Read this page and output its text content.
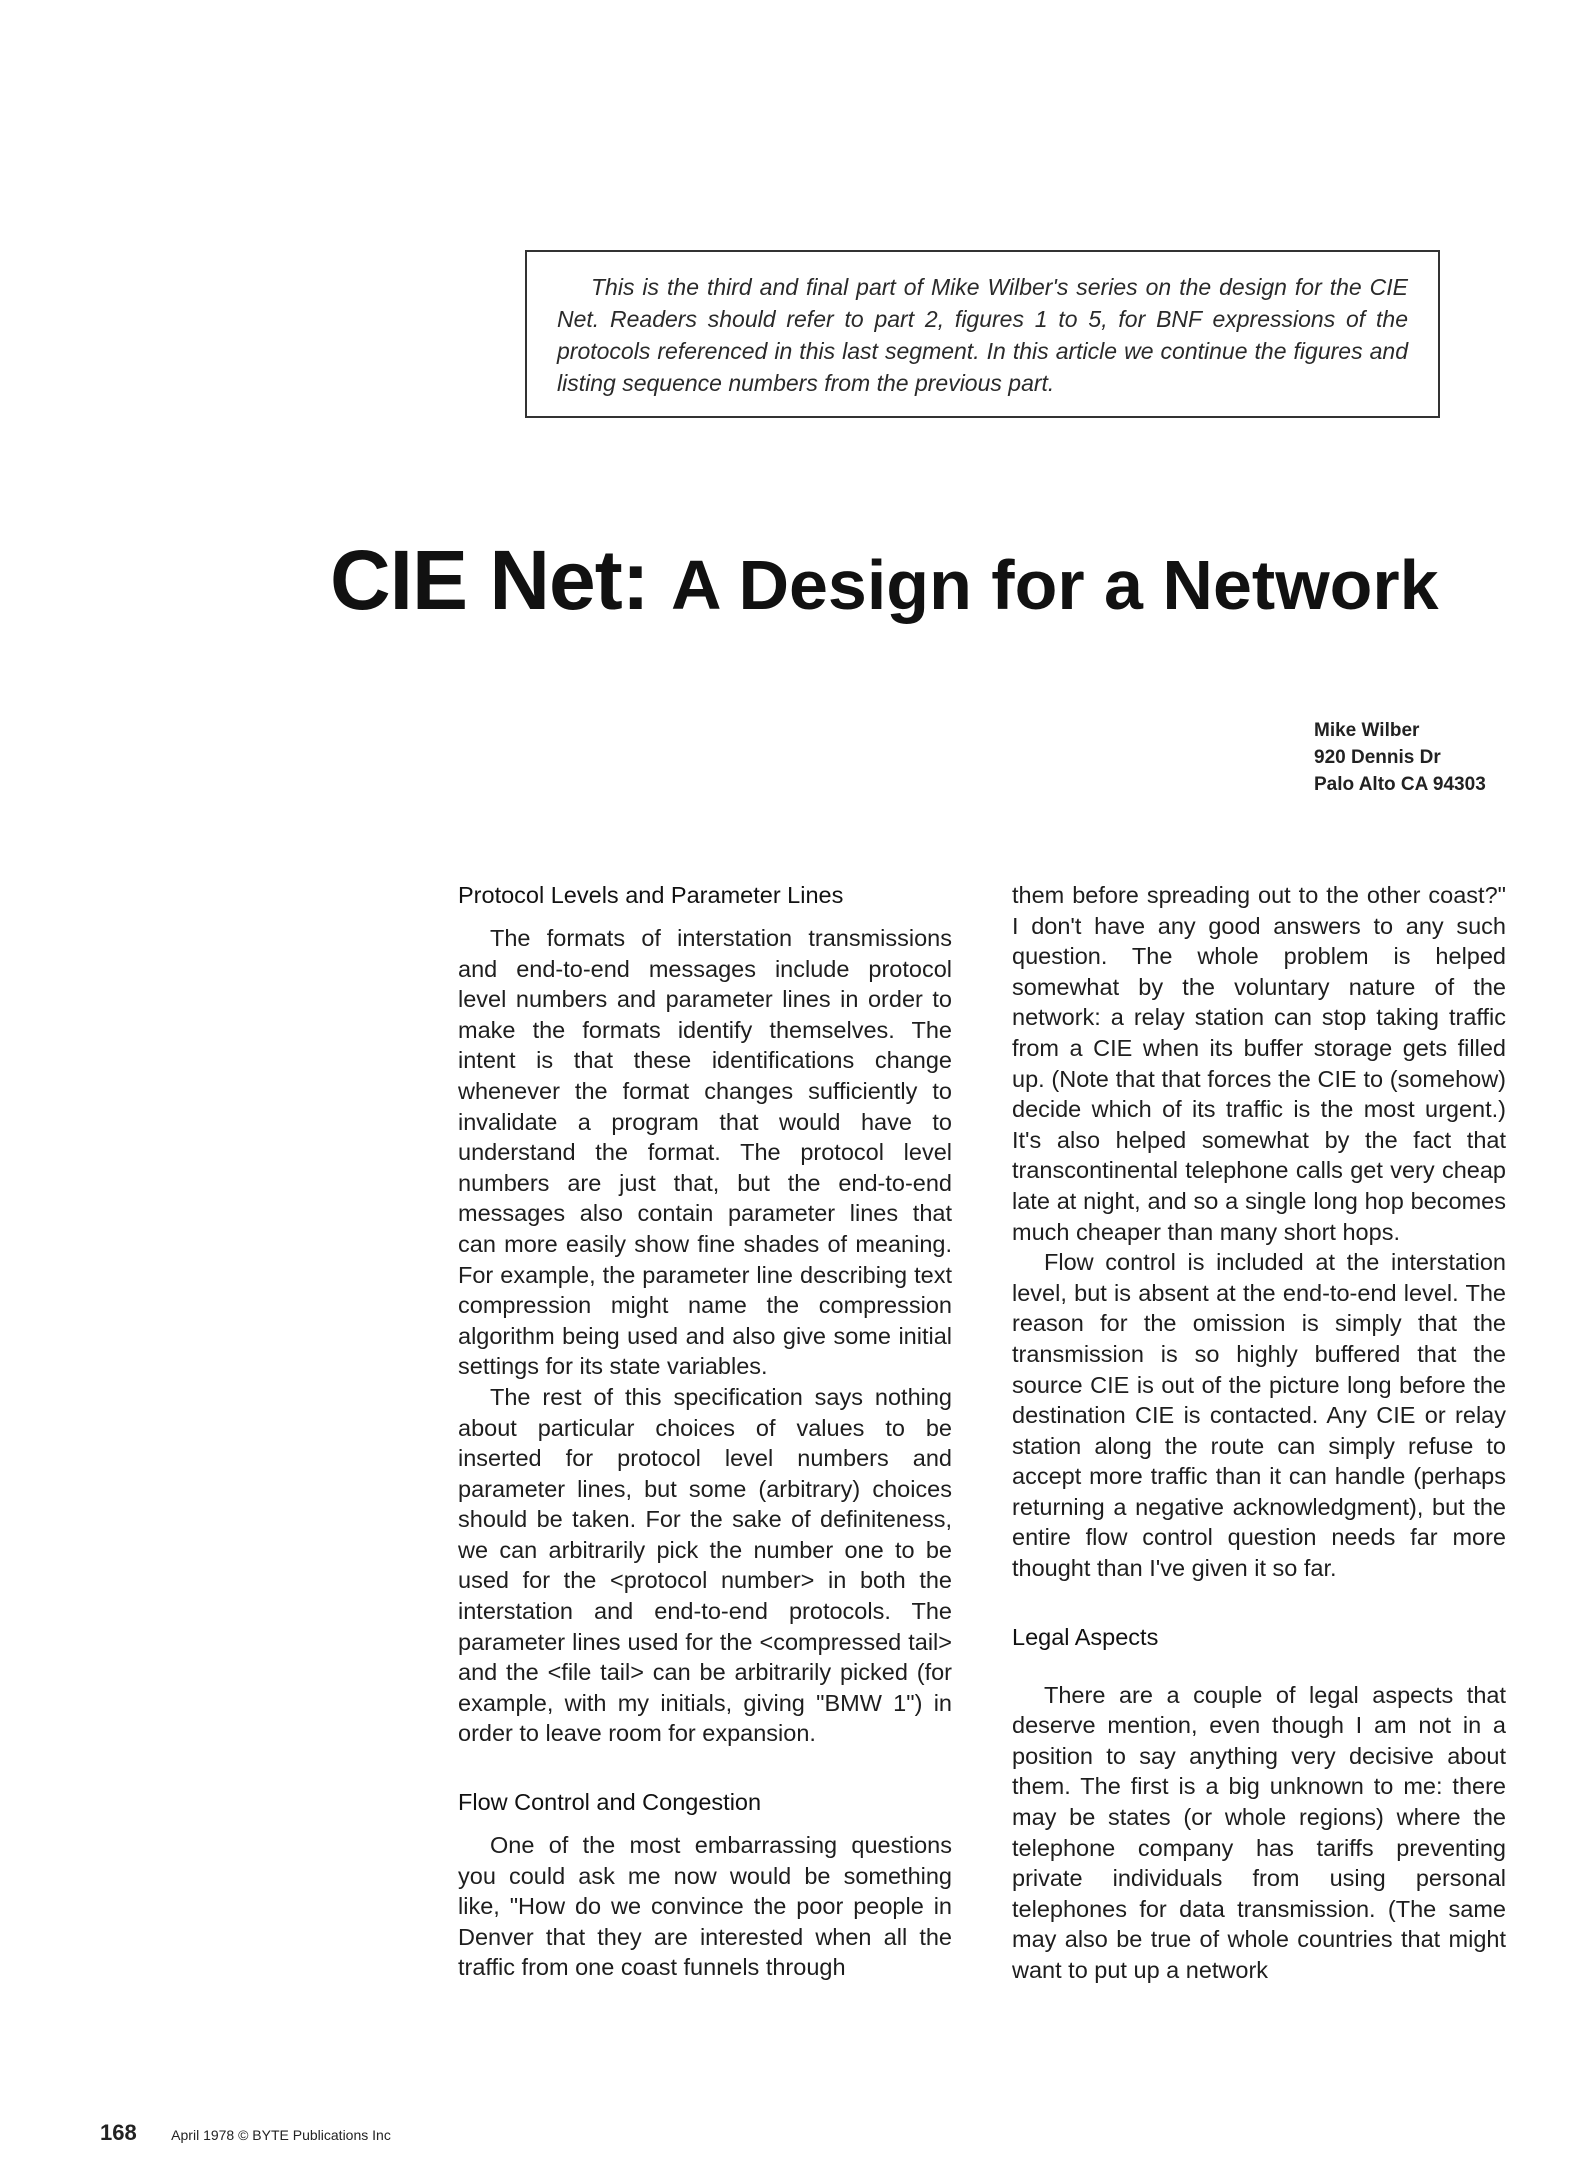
This is the third and final part of Mike Wilber's series on the design for the CIE Net. Readers should refer to part 2, figures 1 to 5, for BNF expressions of the protocols referenced in this last segment. In this article we continue the figures and listing sequence numbers from the previous part.

CIE Net: A Design for a Network
Mike Wilber
920 Dennis Dr
Palo Alto CA 94303
Protocol Levels and Parameter Lines

The formats of interstation transmissions and end-to-end messages include protocol level numbers and parameter lines in order to make the formats identify themselves. The intent is that these identifications change whenever the format changes sufficiently to invalidate a program that would have to understand the format. The protocol level numbers are just that, but the end-to-end messages also contain parameter lines that can more easily show fine shades of meaning. For example, the parameter line describing text compression might name the compression algorithm being used and also give some initial settings for its state variables.

The rest of this specification says nothing about particular choices of values to be inserted for protocol level numbers and parameter lines, but some (arbitrary) choices should be taken. For the sake of definiteness, we can arbitrarily pick the number one to be used for the <protocol number> in both the interstation and end-to-end protocols. The parameter lines used for the <compressed tail> and the <file tail> can be arbitrarily picked (for example, with my initials, giving "BMW 1") in order to leave room for expansion.

Flow Control and Congestion

One of the most embarrassing questions you could ask me now would be something like, "How do we convince the poor people in Denver that they are interested when all the traffic from one coast funnels through

them before spreading out to the other coast?" I don't have any good answers to any such question. The whole problem is helped somewhat by the voluntary nature of the network: a relay station can stop taking traffic from a CIE when its buffer storage gets filled up. (Note that that forces the CIE to (somehow) decide which of its traffic is the most urgent.) It's also helped somewhat by the fact that transcontinental telephone calls get very cheap late at night, and so a single long hop becomes much cheaper than many short hops.

Flow control is included at the interstation level, but is absent at the end-to-end level. The reason for the omission is simply that the transmission is so highly buffered that the source CIE is out of the picture long before the destination CIE is contacted. Any CIE or relay station along the route can simply refuse to accept more traffic than it can handle (perhaps returning a negative acknowledgment), but the entire flow control question needs far more thought than I've given it so far.

Legal Aspects

There are a couple of legal aspects that deserve mention, even though I am not in a position to say anything very decisive about them. The first is a big unknown to me: there may be states (or whole regions) where the telephone company has tariffs preventing private individuals from using personal telephones for data transmission. (The same may also be true of whole countries that might want to put up a network

168 April 1978 © BYTE Publications Inc
